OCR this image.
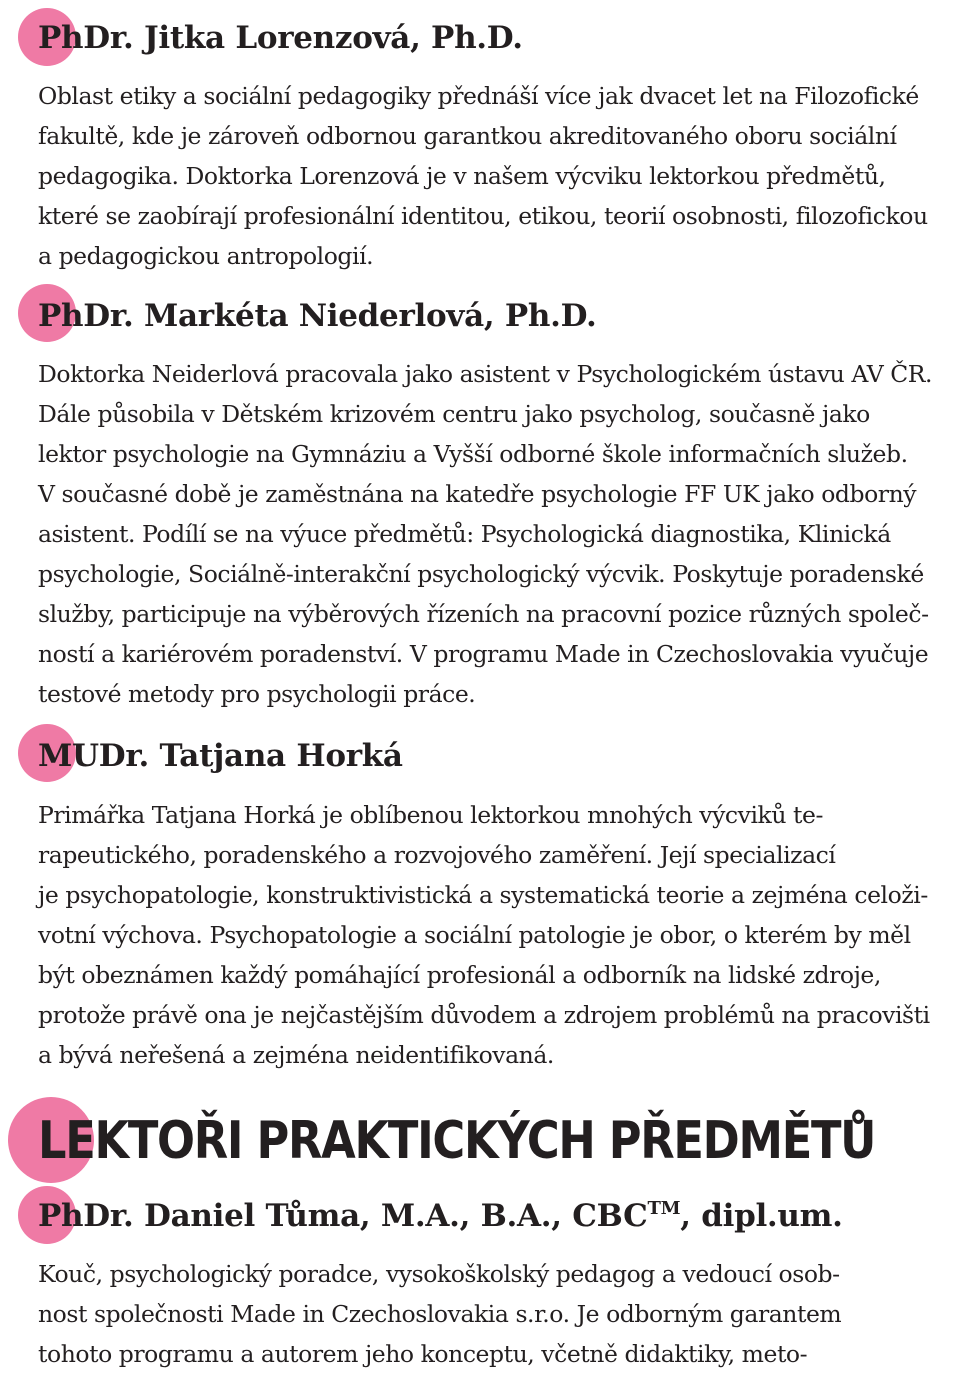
PhDr. Jitka Lorenzová, Ph.D.
Oblast etiky a sociální pedagogiky přednáší více jak dvacet let na Filozofické
fakultě, kde je zároveň odbornou garantkou akreditovaného oboru sociální
pedagogika. Doktorka Lorenzová je v našem výcviku lektorkou předmětů,
které se zaobírají profesionální identitou, etikou, teorií osobnosti, filozofickou
a pedagogickou antropologií.
PhDr. Markéta Niederlová, Ph.D.
Doktorka Neiderlová pracovala jako asistent v Psychologickém ústavu AV ČR.
Dále působila v Dětském krizovém centru jako psycholog, současně jako
lektor psychologie na Gymnáziu a Vyšší odborné škole informačních služeb.
V současné době je zaměstnána na katedře psychologie FF UK jako odborný
asistent. Podílí se na výuce předmětů: Psychologická diagnostika, Klinická
psychologie, Sociálně-interakční psychologický výcvik. Poskytuje poradenské
služby, participuje na výběrových řízeních na pracovní pozice různých společ-
ností a kariérovém poradenství. V programu Made in Czechoslovakia vyučuje
testové metody pro psychologii práce.
MUDr. Tatjana Horká
Primářka Tatjana Horká je oblíbenou lektorkou mnohých výcviků te-
rapeutického, poradenského a rozvojového zaměření. Její specializací
je psychopatologie, konstruktivistická a systematická teorie a zejména celoži-
votní výchova. Psychopatologie a sociální patologie je obor, o kterém by měl
být obeznámen každý pomáhající profesionál a odborník na lidské zdroje,
protože právě ona je nejčastějším důvodem a zdrojem problémů na pracovišti
a bývá neřešená a zejména neidentifikovaná.
LEKTOŘI PRAKTICKÝCH PŘEDMĚTŮ
PhDr. Daniel Tůma, M.A., B.A., CBC™, dipl.um.
Kouč, psychologický poradce, vysokoškolský pedagog a vedoucí osob-
nost společnosti Made in Czechoslovakia s.r.o. Je odborným garantem
tohoto programu a autorem jeho konceptu, včetně didaktiky, meto-
